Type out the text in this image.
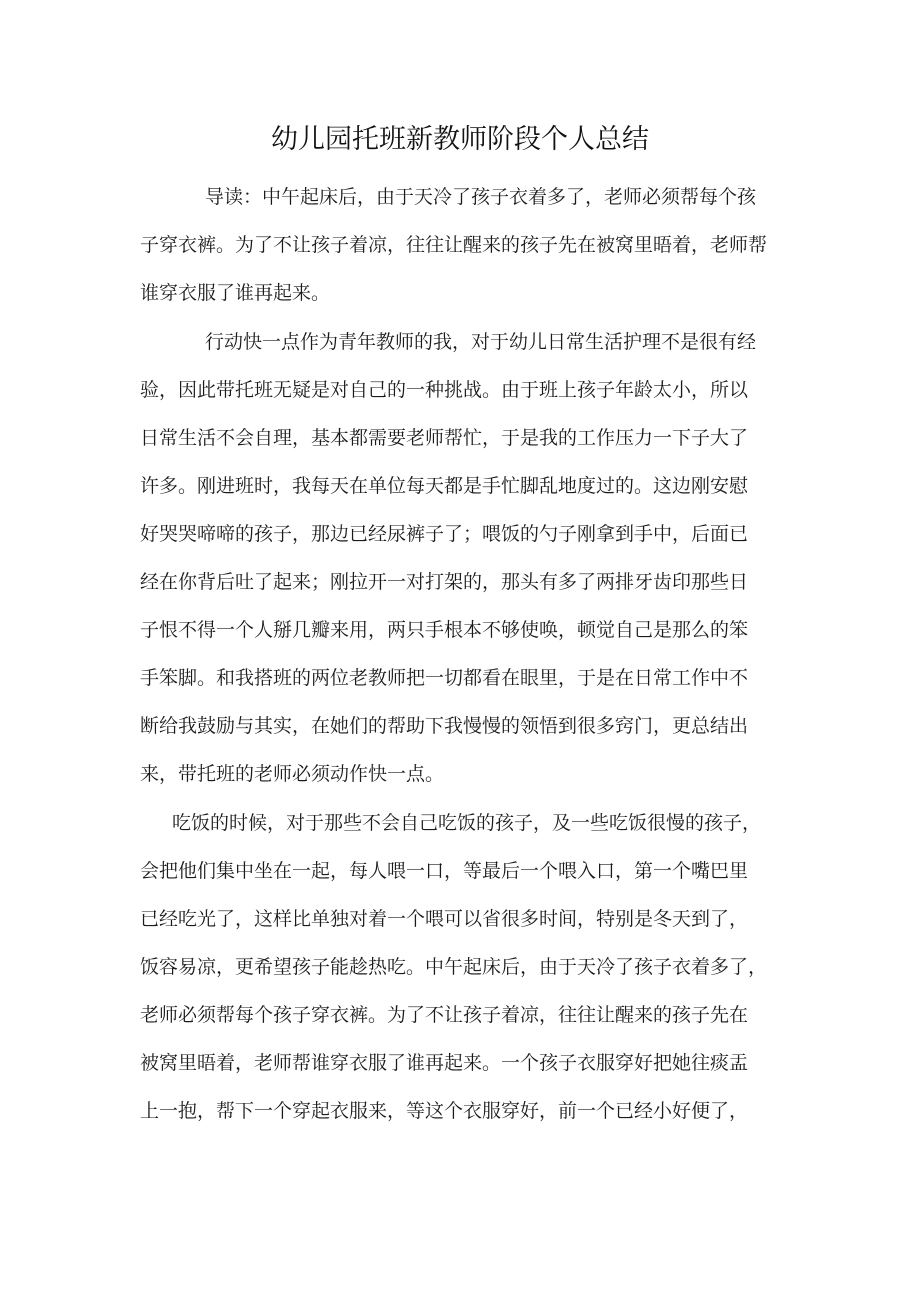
幼儿园托班新教师阶段个人总结
导读：中午起床后，由于天冷了孩子衣着多了，老师必须帮每个孩
子穿衣裤。为了不让孩子着凉，往往让醒来的孩子先在被窝里晤着，老师帮
谁穿衣服了谁再起来。
行动快一点作为青年教师的我，对于幼儿日常生活护理不是很有经
验，因此带托班无疑是对自己的一种挑战。由于班上孩子年龄太小，所以
日常生活不会自理，基本都需要老师帮忙，于是我的工作压力一下子大了
许多。刚进班时，我每天在单位每天都是手忙脚乱地度过的。这边刚安慰
好哭哭啼啼的孩子，那边已经尿裤子了；喂饭的勺子刚拿到手中，后面已
经在你背后吐了起来；刚拉开一对打架的，那头有多了两排牙齿印那些日
子恨不得一个人掰几瓣来用，两只手根本不够使唤，顿觉自己是那么的笨
手笨脚。和我搭班的两位老教师把一切都看在眼里，于是在日常工作中不
断给我鼓励与其实，在她们的帮助下我慢慢的领悟到很多窍门，更总结出
来，带托班的老师必须动作快一点。
吃饭的时候，对于那些不会自己吃饭的孩子，及一些吃饭很慢的孩子，
会把他们集中坐在一起，每人喂一口，等最后一个喂入口，第一个嘴巴里
已经吃光了，这样比单独对着一个喂可以省很多时间，特别是冬天到了，
饭容易凉，更希望孩子能趁热吃。中午起床后，由于天冷了孩子衣着多了，
老师必须帮每个孩子穿衣裤。为了不让孩子着凉，往往让醒来的孩子先在
被窝里晤着，老师帮谁穿衣服了谁再起来。一个孩子衣服穿好把她往痰盂
上一抱，帮下一个穿起衣服来，等这个衣服穿好，前一个已经小好便了，
